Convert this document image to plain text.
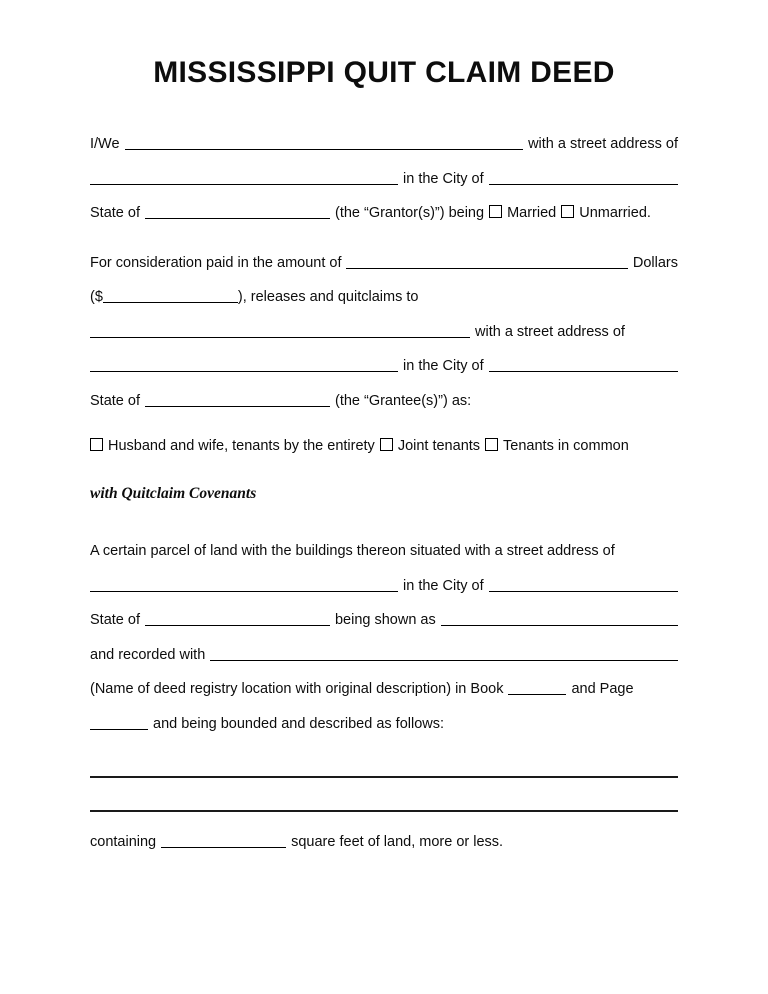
MISSISSIPPI QUIT CLAIM DEED
I/We	with a street address of
in the City of
State of	(the “Grantor(s)”) being Married Unmarried.
For consideration paid in the amount of	Dollars
($	), releases and quitclaims to
with a street address of
in the City of
State of	(the “Grantee(s)”) as:
Husband and wife, tenants by the entirety Joint tenants Tenants in common
with Quitclaim Covenants
A certain parcel of land with the buildings thereon situated with a street address of
in the City of
State of	being shown as
and recorded with
(Name of deed registry location with original description) in Book	and Page
and being bounded and described as follows:
containing	square feet of land, more or less.
